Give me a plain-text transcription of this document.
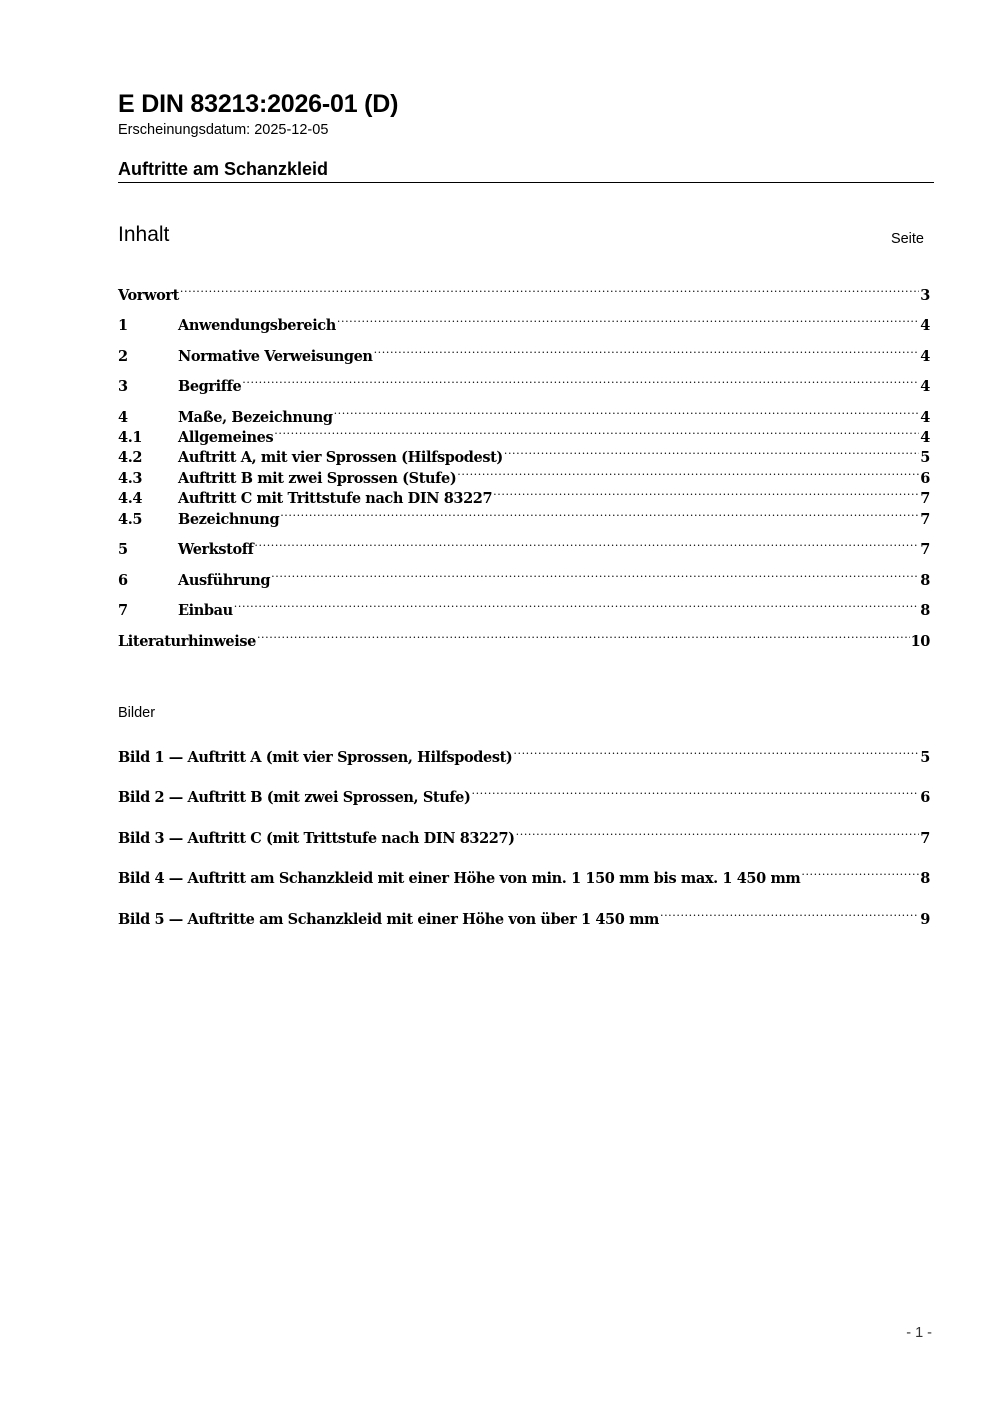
E DIN 83213:2026-01 (D)
Erscheinungsdatum: 2025-12-05
Auftritte am Schanzkleid
Inhalt	Seite
Vorwort .....	3
1	Anwendungsbereich .....	4
2	Normative Verweisungen .....	4
3	Begriffe .....	4
4	Maße, Bezeichnung .....	4
4.1	Allgemeines .....	4
4.2	Auftritt A, mit vier Sprossen (Hilfspodest) .....	5
4.3	Auftritt B mit zwei Sprossen (Stufe) .....	6
4.4	Auftritt C mit Trittstufe nach DIN 83227 .....	7
4.5	Bezeichnung .....	7
5	Werkstoff .....	7
6	Ausführung .....	8
7	Einbau .....	8
Literaturhinweise .....	10
Bilder
Bild 1 — Auftritt A (mit vier Sprossen, Hilfspodest) .....	5
Bild 2 — Auftritt B (mit zwei Sprossen, Stufe) .....	6
Bild 3 — Auftritt C (mit Trittstufe nach DIN 83227) .....	7
Bild 4 — Auftritt am Schanzkleid mit einer Höhe von min. 1 150 mm bis max. 1 450 mm .....	8
Bild 5 — Auftritte am Schanzkleid mit einer Höhe von über 1 450 mm .....	9
- 1 -
